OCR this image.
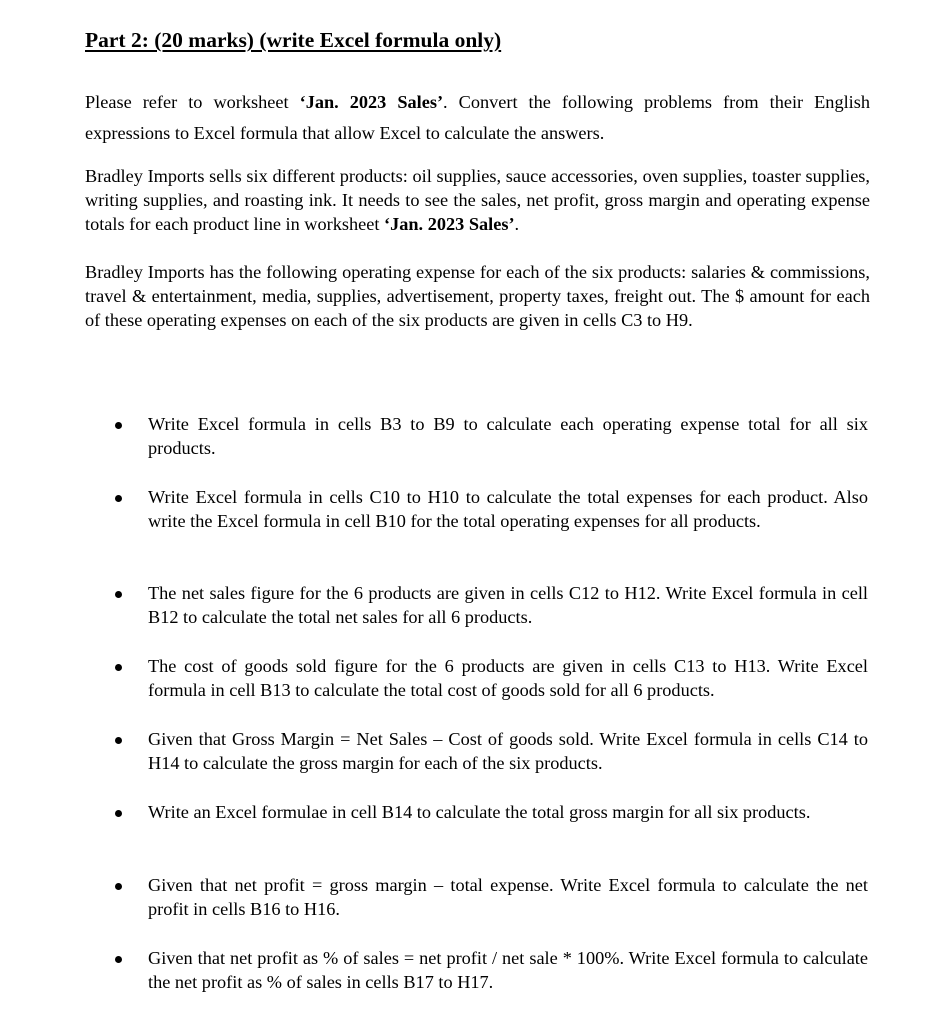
Part 2: (20 marks) (write Excel formula only)

Please refer to worksheet ‘Jan. 2023 Sales’. Convert the following problems from their English expressions to Excel formula that allow Excel to calculate the answers.

Bradley Imports sells six different products: oil supplies, sauce accessories, oven supplies, toaster supplies, writing supplies, and roasting ink. It needs to see the sales, net profit, gross margin and operating expense totals for each product line in worksheet ‘Jan. 2023 Sales’.

Bradley Imports has the following operating expense for each of the six products: salaries & commissions, travel & entertainment, media, supplies, advertisement, property taxes, freight out. The $ amount for each of these operating expenses on each of the six products are given in cells C3 to H9.

Write Excel formula in cells B3 to B9 to calculate each operating expense total for all six products.
Write Excel formula in cells C10 to H10 to calculate the total expenses for each product. Also write the Excel formula in cell B10 for the total operating expenses for all products.
The net sales figure for the 6 products are given in cells C12 to H12. Write Excel formula in cell B12 to calculate the total net sales for all 6 products.
The cost of goods sold figure for the 6 products are given in cells C13 to H13. Write Excel formula in cell B13 to calculate the total cost of goods sold for all 6 products.
Given that Gross Margin = Net Sales – Cost of goods sold. Write Excel formula in cells C14 to H14 to calculate the gross margin for each of the six products.
Write an Excel formulae in cell B14 to calculate the total gross margin for all six products.
Given that net profit = gross margin – total expense. Write Excel formula to calculate the net profit in cells B16 to H16.
Given that net profit as % of sales = net profit / net sale * 100%. Write Excel formula to calculate the net profit as % of sales in cells B17 to H17.
